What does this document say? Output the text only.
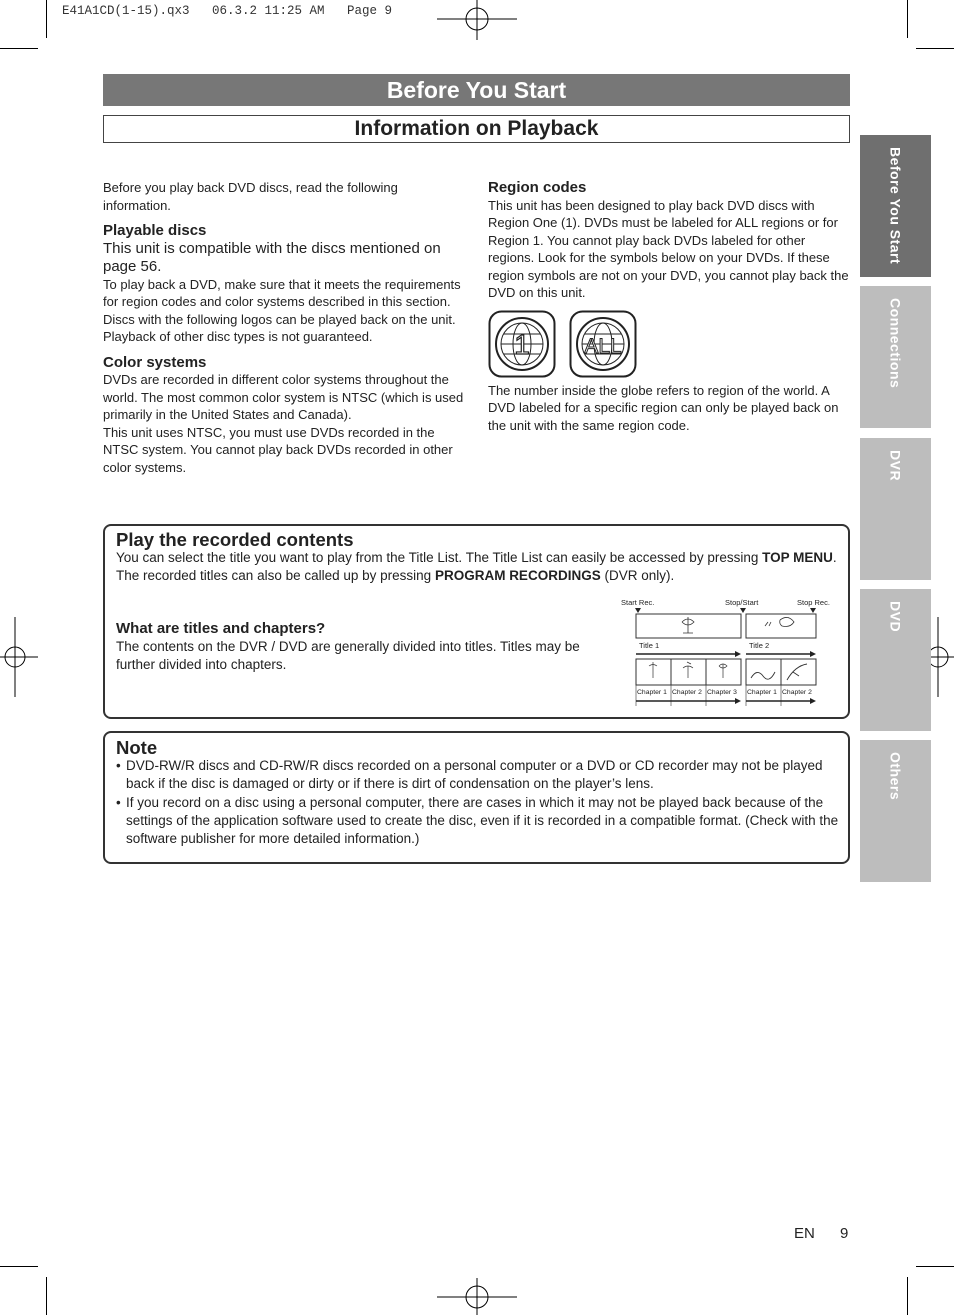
E41A1CD(1-15).qx3   06.3.2 11:25 AM   Page 9
Before You Start
Information on Playback

Before you play back DVD discs, read the following information.

Playable discs

This unit is compatible with the discs mentioned on page 56.

To play back a DVD, make sure that it meets the requirements for region codes and color systems described in this section. Discs with the following logos can be played back on the unit. Playback of other disc types is not guaranteed.

Color systems

DVDs are recorded in different color systems throughout the world. The most common color system is NTSC (which is used primarily in the United States and Canada).

This unit uses NTSC, you must use DVDs recorded in the NTSC system. You cannot play back DVDs recorded in other color systems.

Region codes

This unit has been designed to play back DVD discs with Region One (1). DVDs must be labeled for ALL regions or for Region 1. You cannot play back DVDs labeled for other regions. Look for the symbols below on your DVDs. If these region symbols are not on your DVD, you cannot play back the DVD on this unit.

1	ALL

The number inside the globe refers to region of the world. A DVD labeled for a specific region can only be played back on the unit with the same region code.

Play the recorded contents

You can select the title you want to play from the Title List. The Title List can easily be accessed by pressing TOP MENU.

The recorded titles can also be called up by pressing PROGRAM RECORDINGS (DVR only).

What are titles and chapters?

The contents on the DVR / DVD are generally divided into titles. Titles may be further divided into chapters.

Start Rec.	Stop/Start	Stop Rec.
Title 1	Title 2
Chapter 1 Chapter 2 Chapter 3 Chapter 1 Chapter 2

Note

• DVD-RW/R discs and CD-RW/R discs recorded on a personal computer or a DVD or CD recorder may not be played back if the disc is damaged or dirty or if there is dirt of condensation on the player’s lens.
• If you record on a disc using a personal computer, there are cases in which it may not be played back because of the settings of the application software used to create the disc, even if it is recorded in a compatible format. (Check with the software publisher for more detailed information.)
Before You Start
Connections
DVR
DVD
Others
EN 9
